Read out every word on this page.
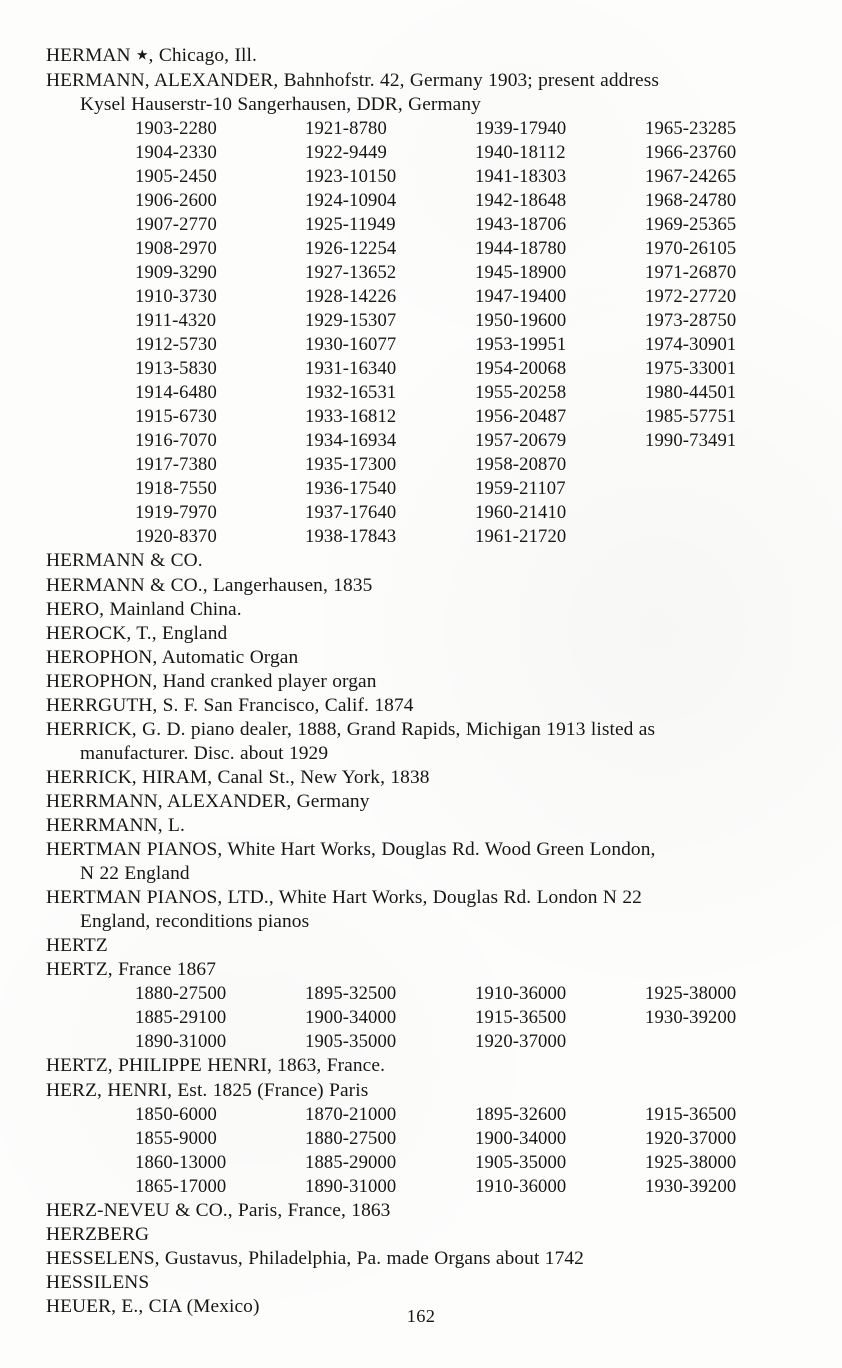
HERMAN ★, Chicago, Ill.
HERMANN, ALEXANDER, Bahnhofstr. 42, Germany 1903; present address
Kysel Hauserstr-10 Sangerhausen, DDR, Germany
1903-2280	1921-8780	1939-17940	1965-23285
1904-2330	1922-9449	1940-18112	1966-23760
1905-2450	1923-10150	1941-18303	1967-24265
1906-2600	1924-10904	1942-18648	1968-24780
1907-2770	1925-11949	1943-18706	1969-25365
1908-2970	1926-12254	1944-18780	1970-26105
1909-3290	1927-13652	1945-18900	1971-26870
1910-3730	1928-14226	1947-19400	1972-27720
1911-4320	1929-15307	1950-19600	1973-28750
1912-5730	1930-16077	1953-19951	1974-30901
1913-5830	1931-16340	1954-20068	1975-33001
1914-6480	1932-16531	1955-20258	1980-44501
1915-6730	1933-16812	1956-20487	1985-57751
1916-7070	1934-16934	1957-20679	1990-73491
1917-7380	1935-17300	1958-20870
1918-7550	1936-17540	1959-21107
1919-7970	1937-17640	1960-21410
1920-8370	1938-17843	1961-21720
HERMANN & CO.
HERMANN & CO., Langerhausen, 1835
HERO, Mainland China.
HEROCK, T., England
HEROPHON, Automatic Organ
HEROPHON, Hand cranked player organ
HERRGUTH, S. F. San Francisco, Calif. 1874
HERRICK, G. D. piano dealer, 1888, Grand Rapids, Michigan 1913 listed as
manufacturer. Disc. about 1929
HERRICK, HIRAM, Canal St., New York, 1838
HERRMANN, ALEXANDER, Germany
HERRMANN, L.
HERTMAN PIANOS, White Hart Works, Douglas Rd. Wood Green London,
N 22 England
HERTMAN PIANOS, LTD., White Hart Works, Douglas Rd. London N 22
England, reconditions pianos
HERTZ
HERTZ, France 1867
1880-27500	1895-32500	1910-36000	1925-38000
1885-29100	1900-34000	1915-36500	1930-39200
1890-31000	1905-35000	1920-37000
HERTZ, PHILIPPE HENRI, 1863, France.
HERZ, HENRI, Est. 1825 (France) Paris
1850-6000	1870-21000	1895-32600	1915-36500
1855-9000	1880-27500	1900-34000	1920-37000
1860-13000	1885-29000	1905-35000	1925-38000
1865-17000	1890-31000	1910-36000	1930-39200
HERZ-NEVEU & CO., Paris, France, 1863
HERZBERG
HESSELENS, Gustavus, Philadelphia, Pa. made Organs about 1742
HESSILENS
HEUER, E., CIA (Mexico)	162
